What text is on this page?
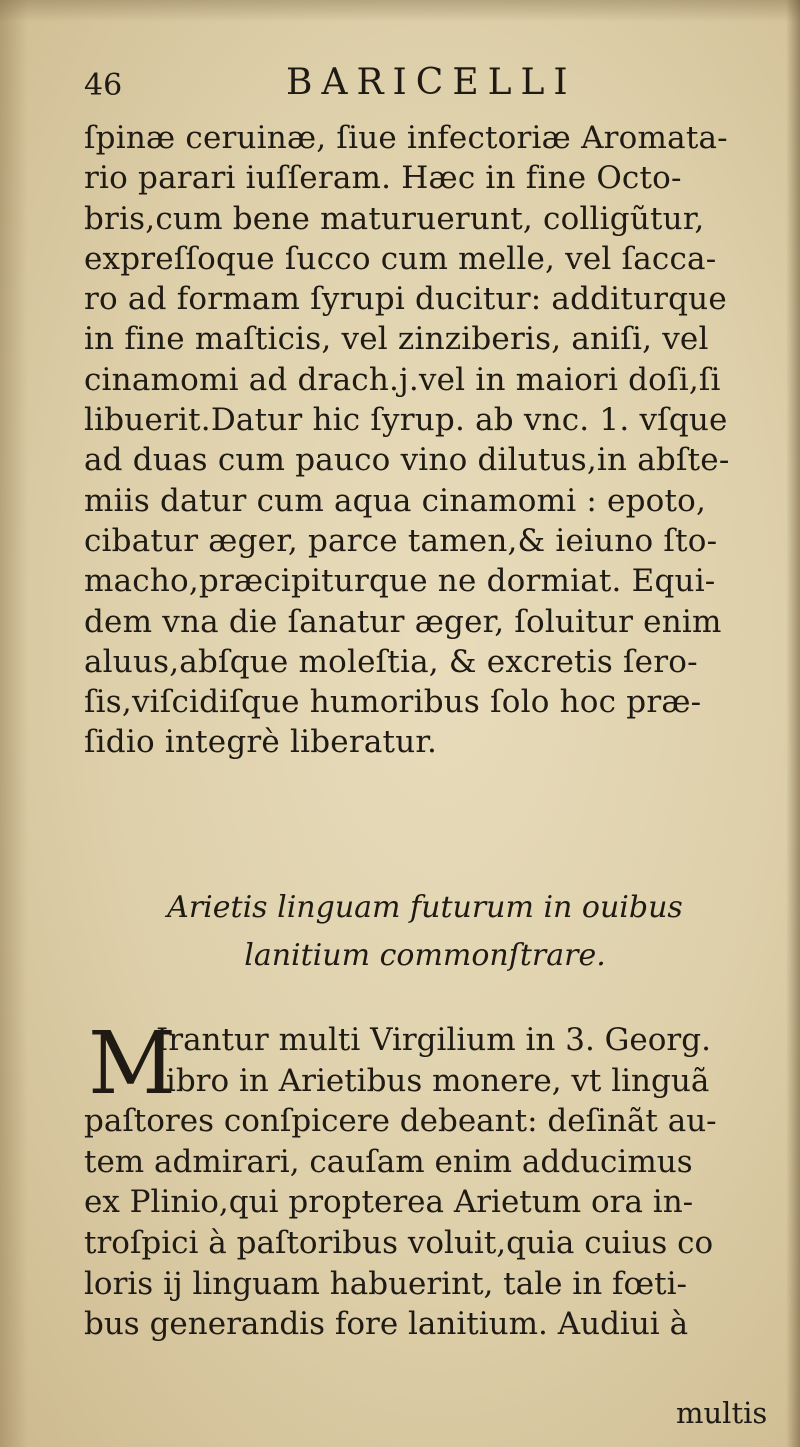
46	BARICELLI
ſpinæ ceruinæ, ſiue infectoriæ Aromata-
rio parari iuſſeram. Hæc in fine Octo-
bris,cum bene maturuerunt, colligũtur,
expreſſoque ſucco cum melle, vel ſacca-
ro ad formam ſyrupi ducitur: additurque
in fine maſticis, vel zinziberis, aniſi, vel
cinamomi ad drach.j.vel in maiori doſi,ſi
libuerit.Datur hic ſyrup. ab vnc. 1. vſque
ad duas cum pauco vino dilutus,in abſte-
miis datur cum aqua cinamomi : epoto,
cibatur æger, parce tamen,& ieiuno ſto-
macho,præcipiturque ne dormiat. Equi-
dem vna die ſanatur æger, ſoluitur enim
aluus,abſque moleſtia, & excretis ſero-
ſis,viſcidiſque humoribus ſolo hoc præ-
ſidio integrè liberatur.
Arietis linguam futurum in ouibus
lanitium commonſtrare.
M
Irantur multi Virgilium in 3. Georg.
libro in Arietibus monere, vt linguã
paſtores conſpicere debeant: deſinãt au-
tem admirari, cauſam enim adducimus
ex Plinio,qui propterea Arietum ora in-
troſpici à paſtoribus voluit,quia cuius co
loris ij linguam habuerint, tale in fœti-
bus generandis fore lanitium. Audiui à
multis
